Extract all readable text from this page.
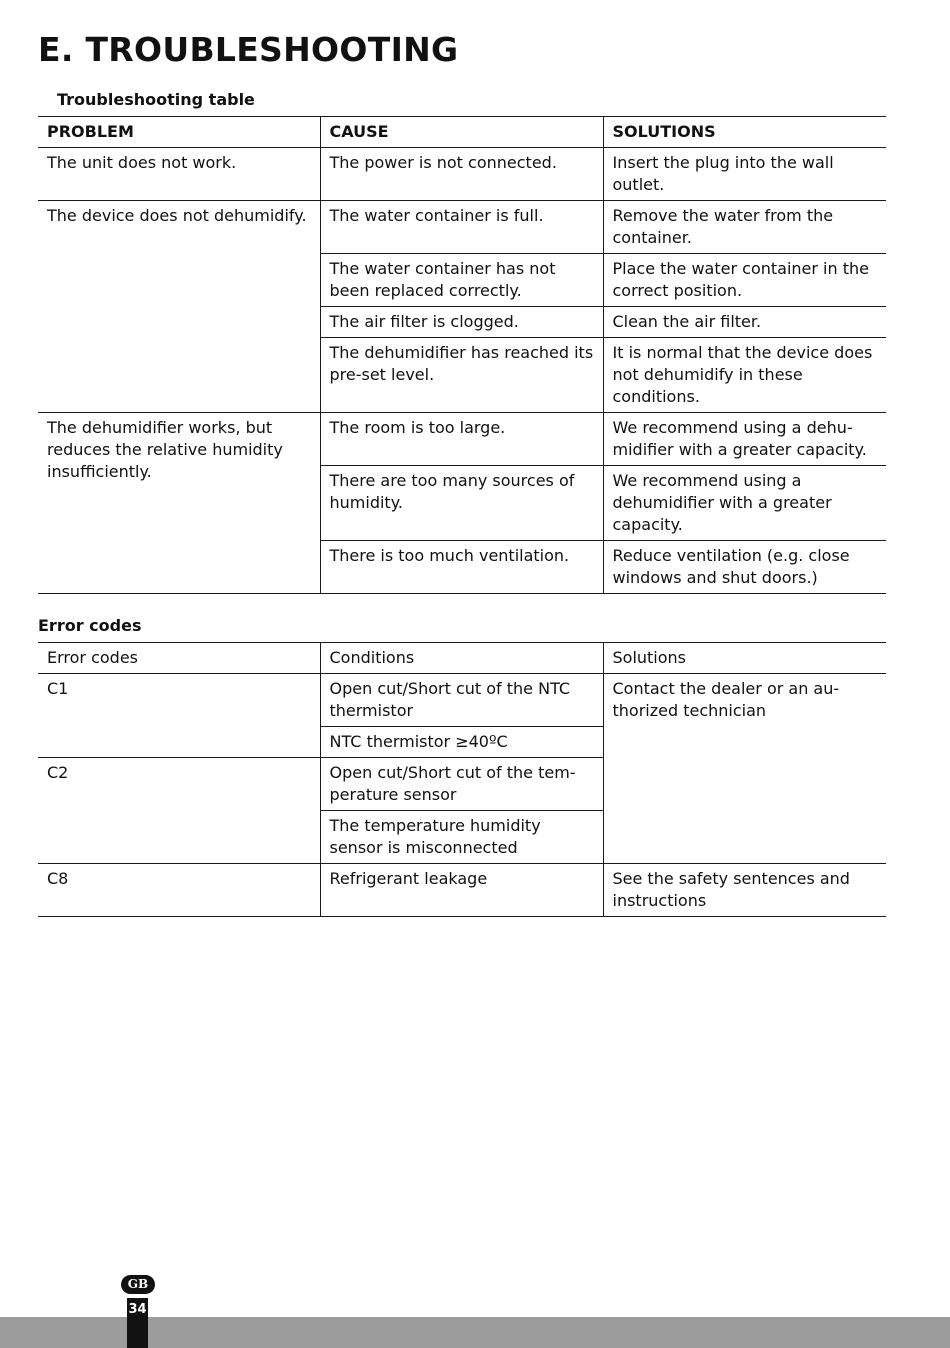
E. TROUBLESHOOTING
Troubleshooting table
PROBLEM	CAUSE	SOLUTIONS
The unit does not work.	The power is not connected.	Insert the plug into the wall outlet.
The device does not dehumidify.	The water container is full.	Remove the water from the container.
	The water container has not been replaced correctly.	Place the water container in the correct position.
	The air filter is clogged.	Clean the air filter.
	The dehumidifier has reached its pre-set level.	It is normal that the device does not dehumidify in these conditions.
The dehumidifier works, but reduces the relative humidity insufficiently.	The room is too large.	We recommend using a dehu-midifier with a greater capacity.
	There are too many sources of humidity.	We recommend using a dehumidifier with a greater capacity.
	There is too much ventilation.	Reduce ventilation (e.g. close windows and shut doors.)
Error codes
Error codes	Conditions	Solutions
C1	Open cut/Short cut of the NTC thermistor	Contact the dealer or an au-thorized technician
	NTC thermistor ≥40ºC	
C2	Open cut/Short cut of the tem-perature sensor	
	The temperature humidity sensor is misconnected	
C8	Refrigerant leakage	See the safety sentences and instructions
GB
34
